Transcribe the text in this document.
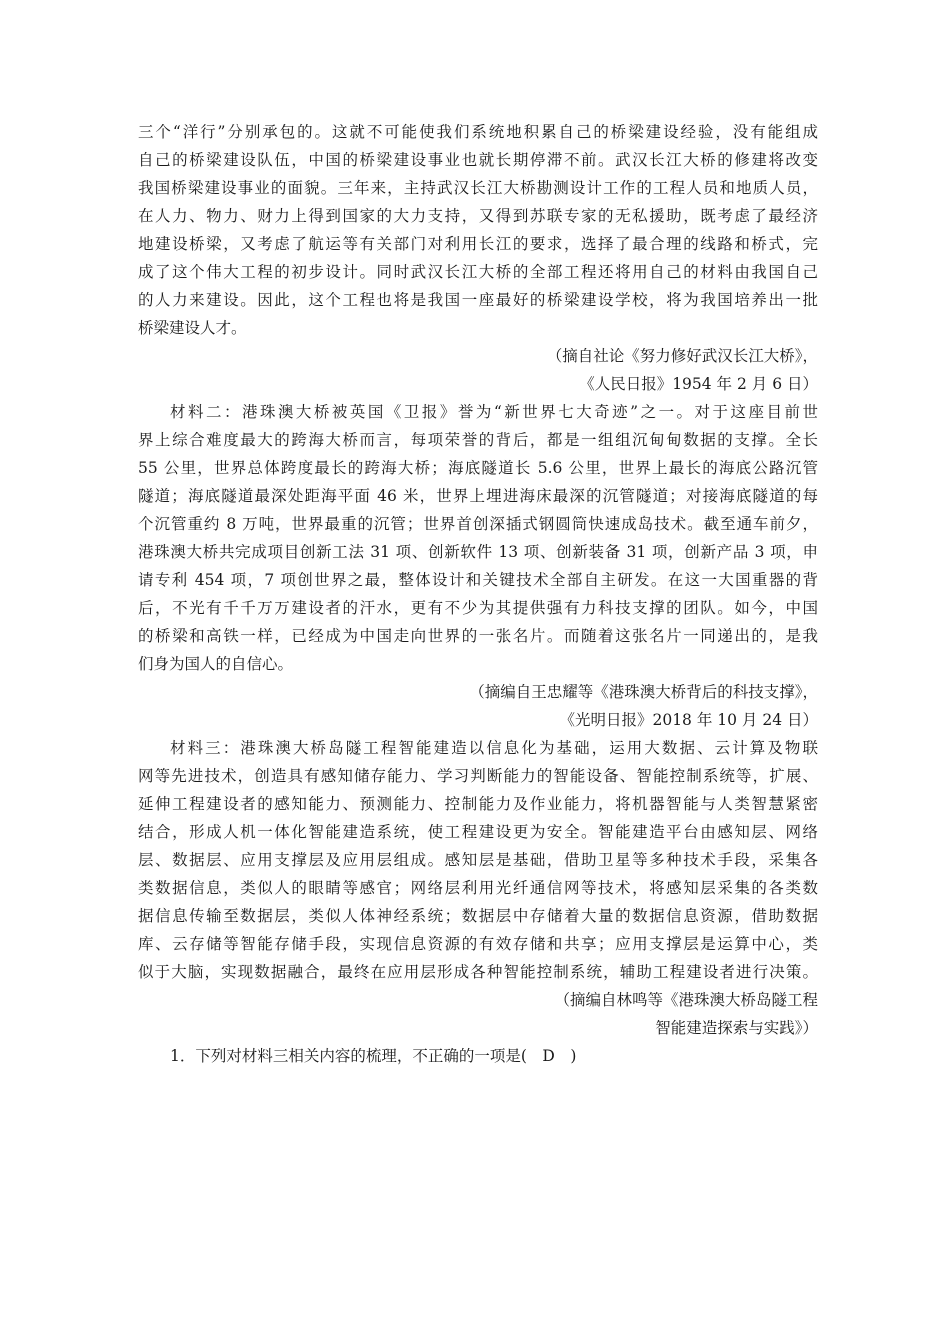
三个“洋行”分别承包的。这就不可能使我们系统地积累自己的桥梁建设经验，没有能组成
自己的桥梁建设队伍，中国的桥梁建设事业也就长期停滞不前。武汉长江大桥的修建将改变
我国桥梁建设事业的面貌。三年来，主持武汉长江大桥勘测设计工作的工程人员和地质人员，
在人力、物力、财力上得到国家的大力支持，又得到苏联专家的无私援助，既考虑了最经济
地建设桥梁，又考虑了航运等有关部门对利用长江的要求，选择了最合理的线路和桥式，完
成了这个伟大工程的初步设计。同时武汉长江大桥的全部工程还将用自己的材料由我国自己
的人力来建设。因此，这个工程也将是我国一座最好的桥梁建设学校，将为我国培养出一批
桥梁建设人才。
（摘自社论《努力修好武汉长江大桥》，
《人民日报》1954 年 2 月 6 日）
材料二：港珠澳大桥被英国《卫报》誉为“新世界七大奇迹”之一。对于这座目前世
界上综合难度最大的跨海大桥而言，每项荣誉的背后，都是一组组沉甸甸数据的支撑。全长
55 公里，世界总体跨度最长的跨海大桥；海底隧道长 5.6 公里，世界上最长的海底公路沉管
隧道；海底隧道最深处距海平面 46 米，世界上埋进海床最深的沉管隧道；对接海底隧道的每
个沉管重约 8 万吨，世界最重的沉管；世界首创深插式钢圆筒快速成岛技术。截至通车前夕，
港珠澳大桥共完成项目创新工法 31 项、创新软件 13 项、创新装备 31 项，创新产品 3 项，申
请专利 454 项，7 项创世界之最，整体设计和关键技术全部自主研发。在这一大国重器的背
后，不光有千千万万建设者的汗水，更有不少为其提供强有力科技支撑的团队。如今，中国
的桥梁和高铁一样，已经成为中国走向世界的一张名片。而随着这张名片一同递出的，是我
们身为国人的自信心。
（摘编自王忠耀等《港珠澳大桥背后的科技支撑》，
《光明日报》2018 年 10 月 24 日）
材料三：港珠澳大桥岛隧工程智能建造以信息化为基础，运用大数据、云计算及物联
网等先进技术，创造具有感知储存能力、学习判断能力的智能设备、智能控制系统等，扩展、
延伸工程建设者的感知能力、预测能力、控制能力及作业能力，将机器智能与人类智慧紧密
结合，形成人机一体化智能建造系统，使工程建设更为安全。智能建造平台由感知层、网络
层、数据层、应用支撑层及应用层组成。感知层是基础，借助卫星等多种技术手段，采集各
类数据信息，类似人的眼睛等感官；网络层利用光纤通信网等技术，将感知层采集的各类数
据信息传输至数据层，类似人体神经系统；数据层中存储着大量的数据信息资源，借助数据
库、云存储等智能存储手段，实现信息资源的有效存储和共享；应用支撑层是运算中心，类
似于大脑，实现数据融合，最终在应用层形成各种智能控制系统，辅助工程建设者进行决策。
（摘编自林鸣等《港珠澳大桥岛隧工程
智能建造探索与实践》）
1．下列对材料三相关内容的梳理，不正确的一项是(　D　)
